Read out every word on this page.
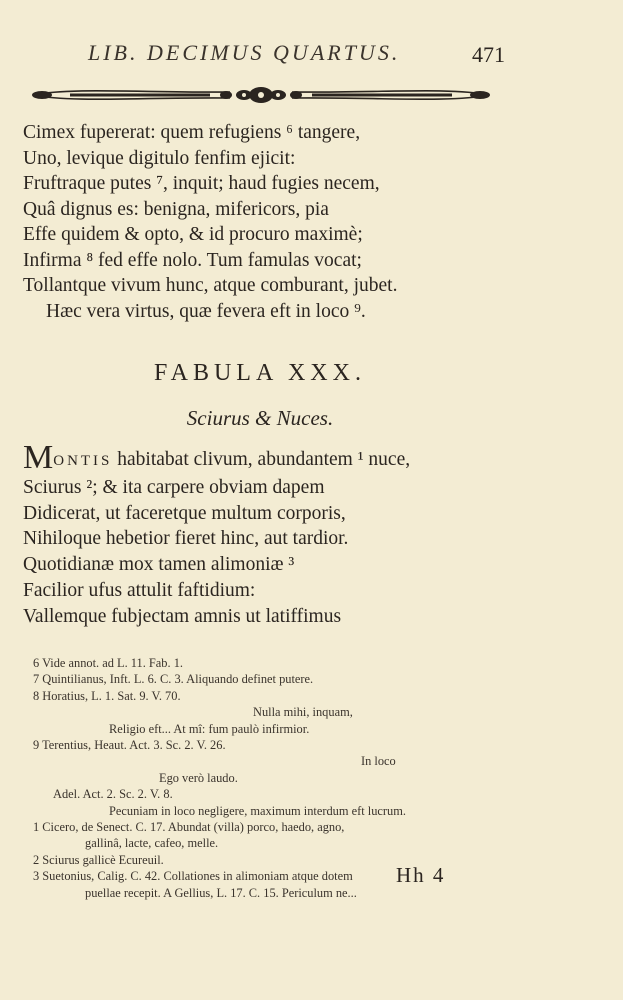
LIB. DECIMUS QUARTUS.	471
Cimex fupererat: quem refugiens ⁶ tangere,
Uno, levique digitulo fenfim ejicit:
Fruftraque putes ⁷, inquit; haud fugies necem,
Quâ dignus es: benigna, mifericors, pia
Effe quidem & opto, & id procuro maximè;
Infirma ⁸ fed effe nolo. Tum famulas vocat;
Tollantque vivum hunc, atque comburant, jubet.
Hæc vera virtus, quæ fevera eft in loco ⁹.
FABULA XXX.
Sciurus & Nuces.
MONTIS habitabat clivum, abundantem ¹ nuce,
Sciurus ²; & ita carpere obviam dapem
Didicerat, ut faceretque multum corporis,
Nihiloque hebetior fieret hinc, aut tardior.
Quotidianæ mox tamen alimoniæ ³
Facilior ufus attulit faftidium:
Vallemque fubjectam amnis ut latiffimus
6 Vide annot. ad L. 11. Fab. 1.
7 Quintilianus, Inft. L. 6. C. 3. Aliquando definet putere.
8 Horatius, L. 1. Sat. 9. V. 70.
Nulla mihi, inquam,
Religio eft... At mî: fum paulò infirmior.
9 Terentius, Heaut. Act. 3. Sc. 2. V. 26.
In loco
Ego verò laudo.
Adel. Act. 2. Sc. 2. V. 8.
Pecuniam in loco negligere, maximum interdum eft lucrum.
1 Cicero, de Senect. C. 17. Abundat (villa) porco, haedo, agno,
gallinâ, lacte, cafeo, melle.
2 Sciurus gallicè Ecureuil.
3 Suetonius, Calig. C. 42. Collationes in alimoniam atque dotem
puellae recepit. A Gellius, L. 17. C. 15. Periculum ne...
Hh 4
